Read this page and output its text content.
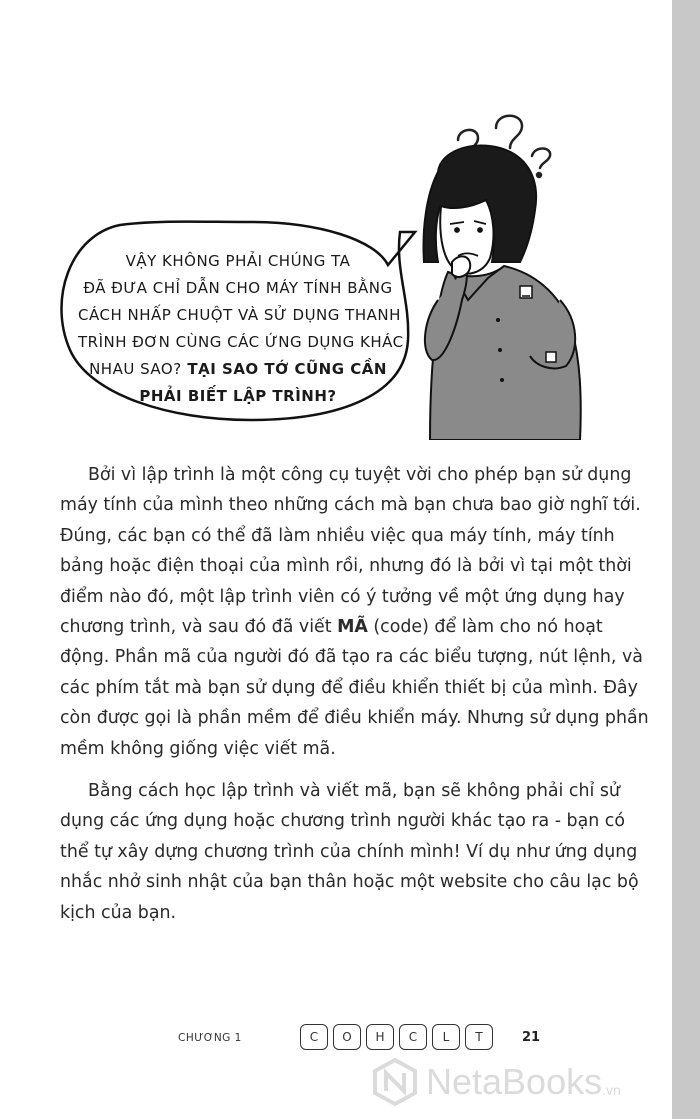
VẬY KHÔNG PHẢI CHÚNG TA
ĐÃ ĐƯA CHỈ DẪN CHO MÁY TÍNH BẰNG
CÁCH NHẤP CHUỘT VÀ SỬ DỤNG THANH
TRÌNH ĐƠN CÙNG CÁC ỨNG DỤNG KHÁC
NHAU SAO? TẠI SAO TỚ CŨNG CẦN
PHẢI BIẾT LẬP TRÌNH?

Bởi vì lập trình là một công cụ tuyệt vời cho phép bạn sử dụng máy tính của mình theo những cách mà bạn chưa bao giờ nghĩ tới. Đúng, các bạn có thể đã làm nhiều việc qua máy tính, máy tính bảng hoặc điện thoại của mình rồi, nhưng đó là bởi vì tại một thời điểm nào đó, một lập trình viên có ý tưởng về một ứng dụng hay chương trình, và sau đó đã viết MÃ (code) để làm cho nó hoạt động. Phần mã của người đó đã tạo ra các biểu tượng, nút lệnh, và các phím tắt mà bạn sử dụng để điều khiển thiết bị của mình. Đây còn được gọi là phần mềm để điều khiển máy. Nhưng sử dụng phần mềm không giống việc viết mã.

Bằng cách học lập trình và viết mã, bạn sẽ không phải chỉ sử dụng các ứng dụng hoặc chương trình người khác tạo ra - bạn có thể tự xây dựng chương trình của chính mình! Ví dụ như ứng dụng nhắc nhở sinh nhật của bạn thân hoặc một website cho câu lạc bộ kịch của bạn.

CHƯƠNG 1	C	O	H	C	L	T	21
NetaBooks .vn
